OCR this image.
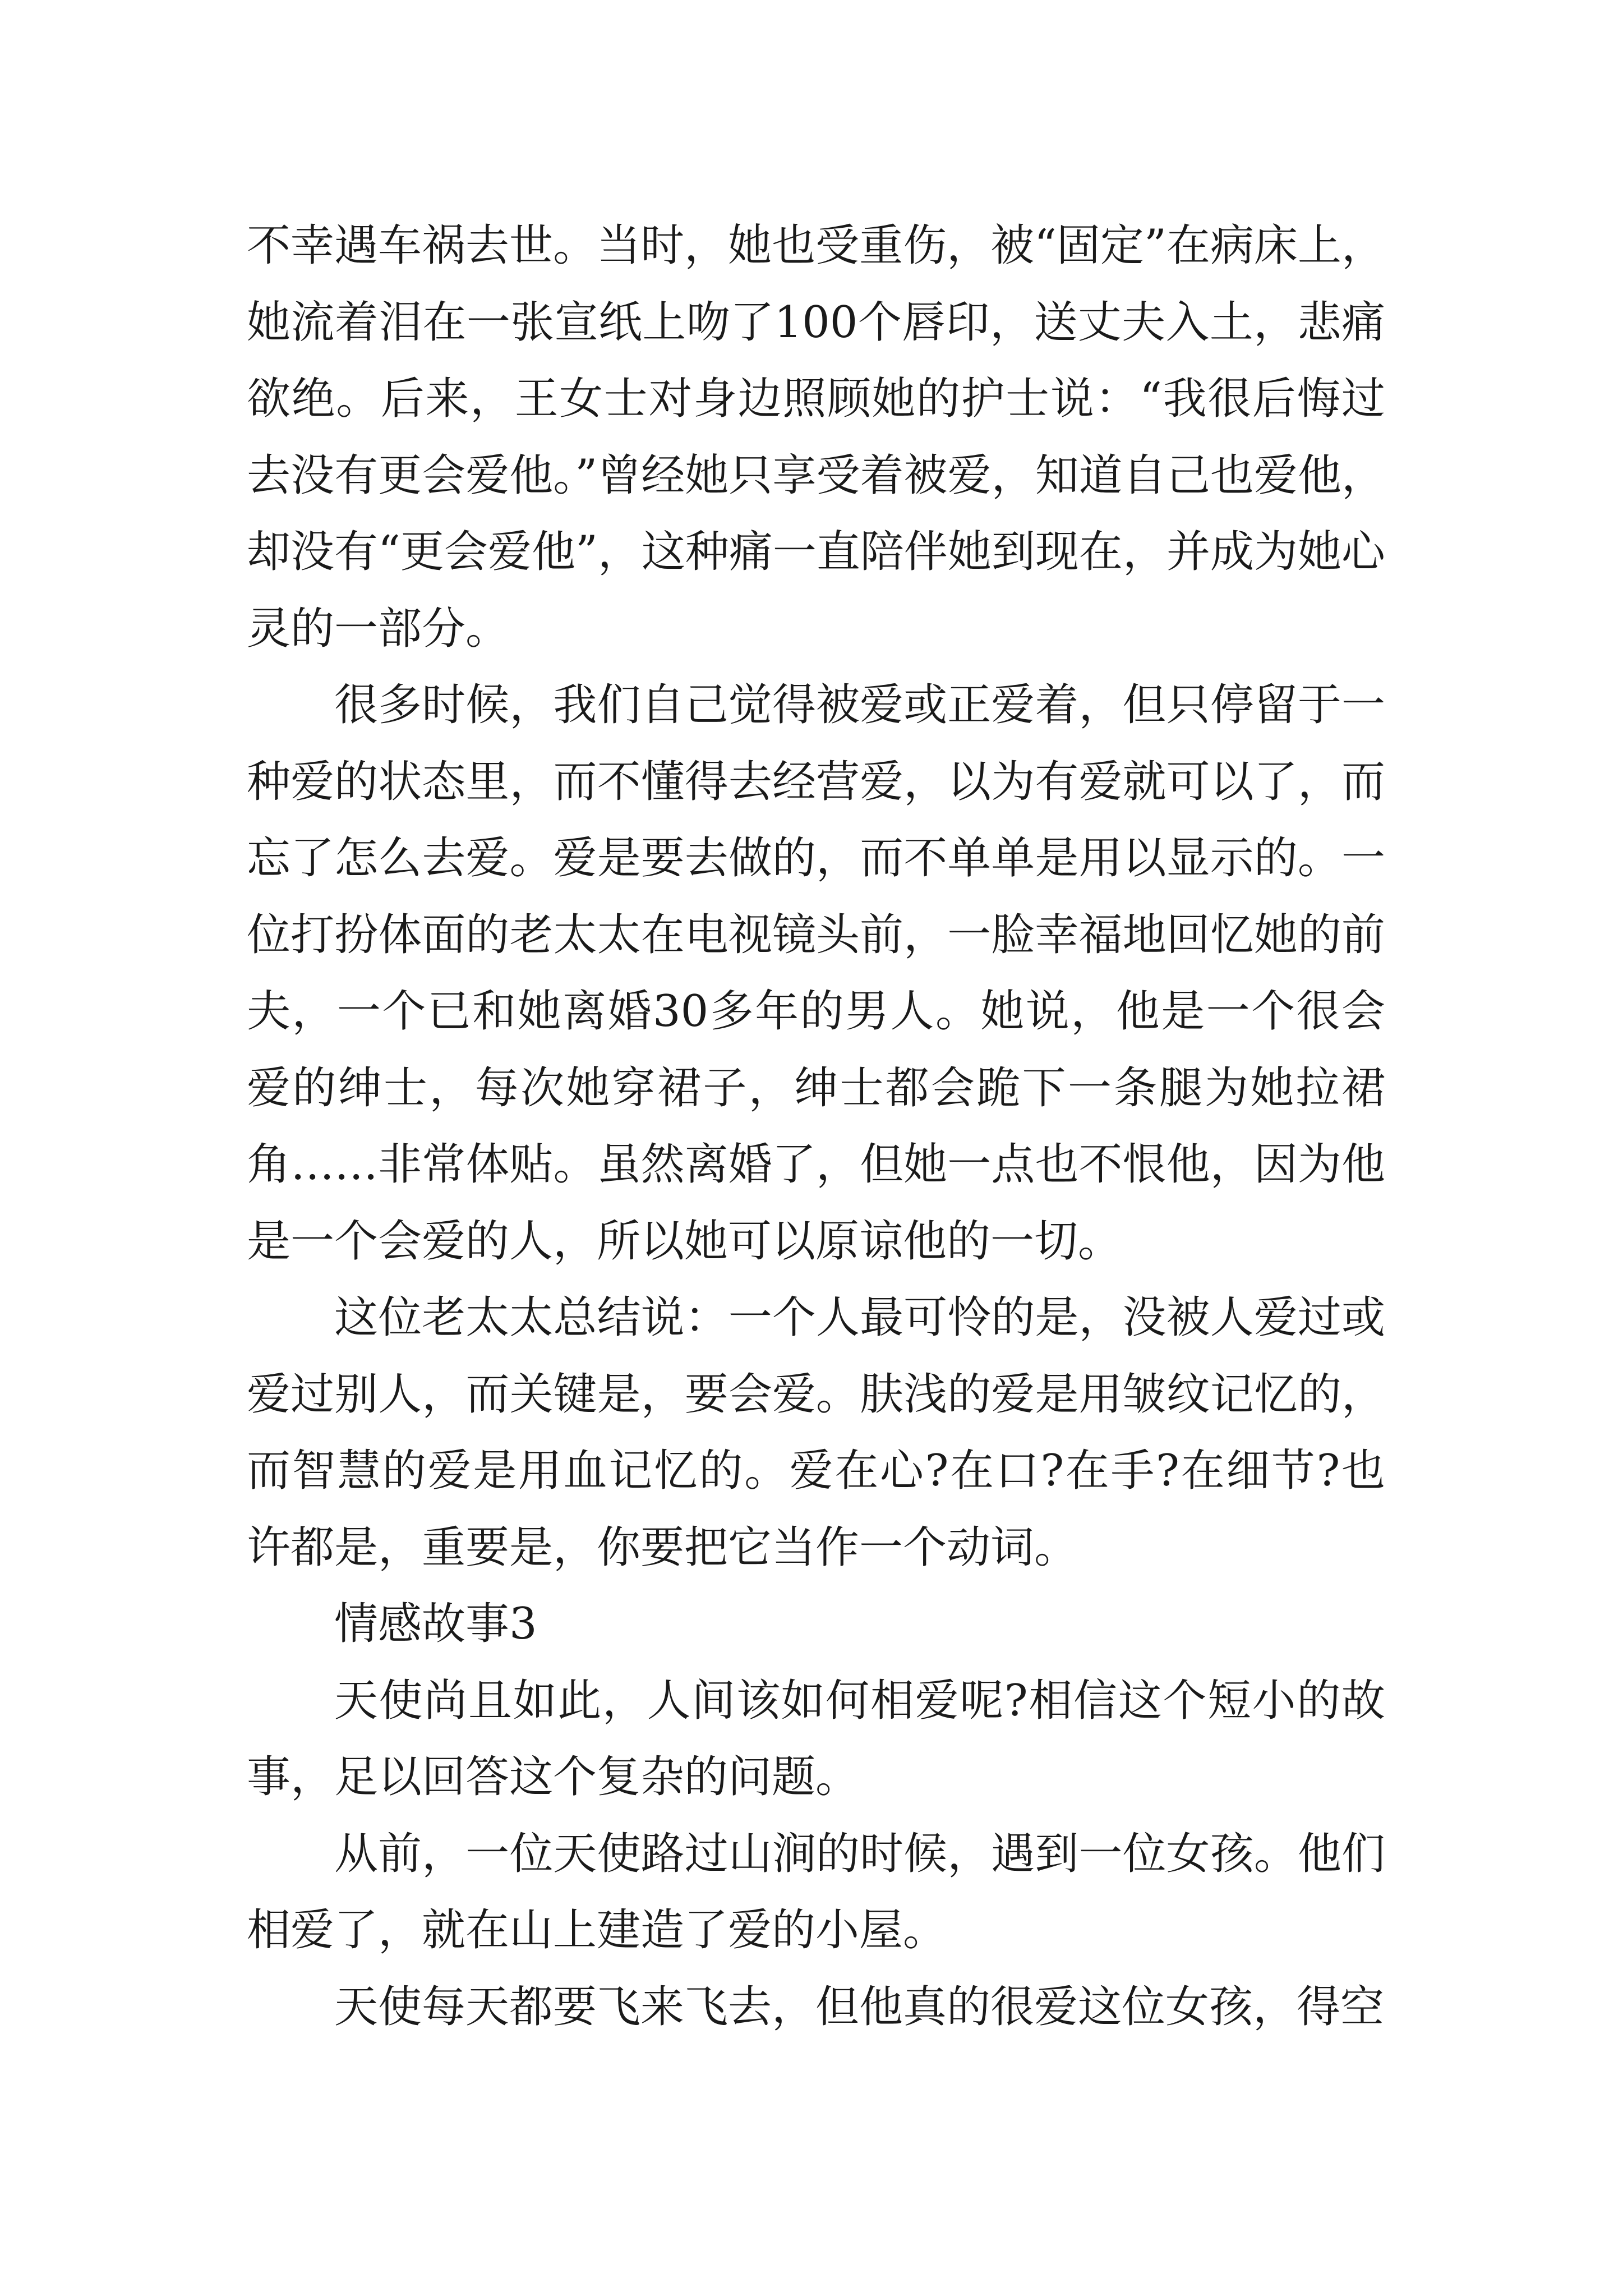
不幸遇车祸去世。当时，她也受重伤，被“固定”在病床上，她流着泪在一张宣纸上吻了100个唇印，送丈夫入土，悲痛欲绝。后来，王女士对身边照顾她的护士说：“我很后悔过去没有更会爱他。”曾经她只享受着被爱，知道自己也爱他，却没有“更会爱他”，这种痛一直陪伴她到现在，并成为她心灵的一部分。

很多时候，我们自己觉得被爱或正爱着，但只停留于一种爱的状态里，而不懂得去经营爱，以为有爱就可以了，而忘了怎么去爱。爱是要去做的，而不单单是用以显示的。一位打扮体面的老太太在电视镜头前，一脸幸福地回忆她的前夫，一个已和她离婚30多年的男人。她说，他是一个很会爱的绅士，每次她穿裙子，绅士都会跪下一条腿为她拉裙角……非常体贴。虽然离婚了，但她一点也不恨他，因为他是一个会爱的人，所以她可以原谅他的一切。

这位老太太总结说：一个人最可怜的是，没被人爱过或爱过别人，而关键是，要会爱。肤浅的爱是用皱纹记忆的，而智慧的爱是用血记忆的。爱在心?在口?在手?在细节?也许都是，重要是，你要把它当作一个动词。

情感故事3

天使尚且如此，人间该如何相爱呢?相信这个短小的故事，足以回答这个复杂的问题。

从前，一位天使路过山涧的时候，遇到一位女孩。他们相爱了，就在山上建造了爱的小屋。

天使每天都要飞来飞去，但他真的很爱这位女孩，得空
